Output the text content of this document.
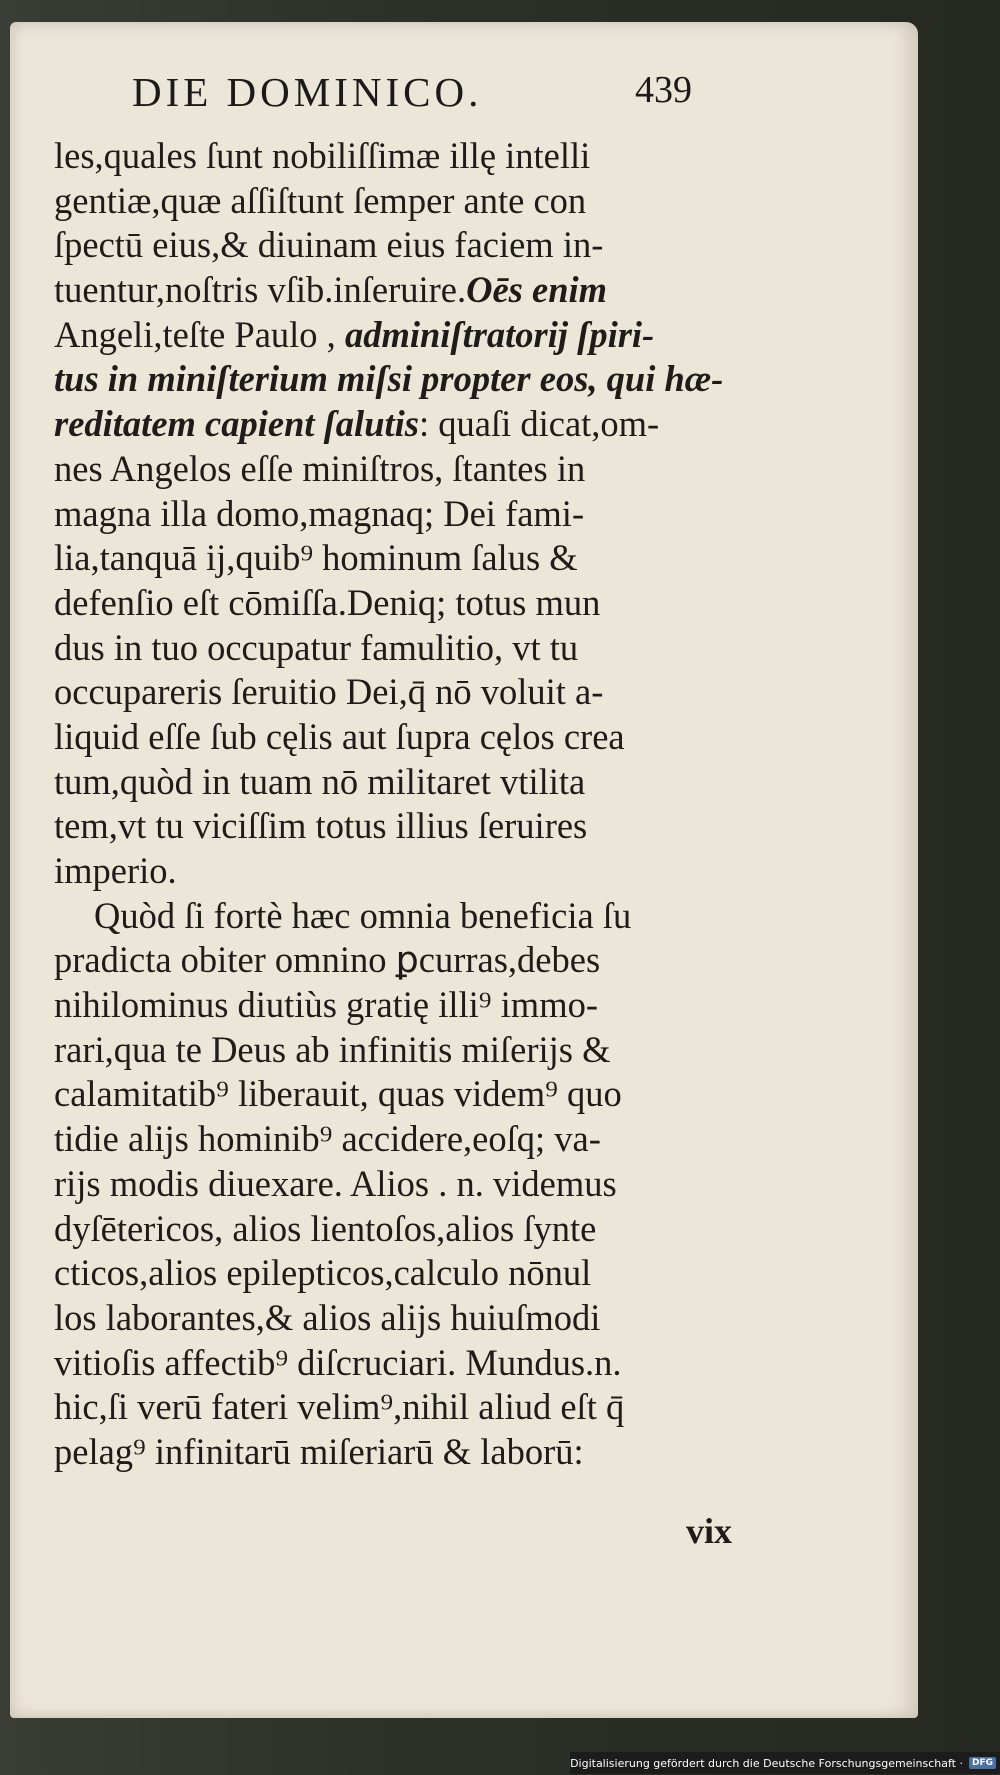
DIE DOMINICO.	439
les,quales ſunt nobiliſſimæ illę intelli
gentiæ,quæ aſſiſtunt ſemper ante con
ſpectū eius,& diuinam eius faciem in-
tuentur,noſtris vſib.inſeruire.Oēs enim
Angeli,teſte Paulo , adminiſtratorij ſpiri-
tus in miniſterium miſsi propter eos, qui hæ-
reditatem capient ſalutis: quaſi dicat,om-
nes Angelos eſſe miniſtros, ſtantes in
magna illa domo,magnaq; Dei fami-
lia,tanquā ij,quib⁹ hominum ſalus &
defenſio eſt cōmiſſa.Deniq; totus mun
dus in tuo occupatur famulitio, vt tu
occupareris ſeruitio Dei,q̄ nō voluit a-
liquid eſſe ſub cęlis aut ſupra cęlos crea
tum,quòd in tuam nō militaret vtilita
tem,vt tu viciſſim totus illius ſeruires
imperio.
Quòd ſi fortè hæc omnia beneficia ſu
pradicta obiter omnino ꝑcurras,debes
nihilominus diutiùs gratię illi⁹ immo-
rari,qua te Deus ab infinitis miſerijs &
calamitatib⁹ liberauit, quas videm⁹ quo
tidie alijs hominib⁹ accidere,eoſq; va-
rijs modis diuexare. Alios . n. videmus
dyſētericos, alios lientoſos,alios ſynte
cticos,alios epilepticos,calculo nōnul
los laborantes,& alios alijs huiuſmodi
vitioſis affectib⁹ diſcruciari. Mundus.n.
hic,ſi verū fateri velim⁹,nihil aliud eſt q̄
pelag⁹ infinitarū miſeriarū & laborū:
vix
Digitalisierung gefördert durch die Deutsche Forschungsgemeinschaft ·	DFG
